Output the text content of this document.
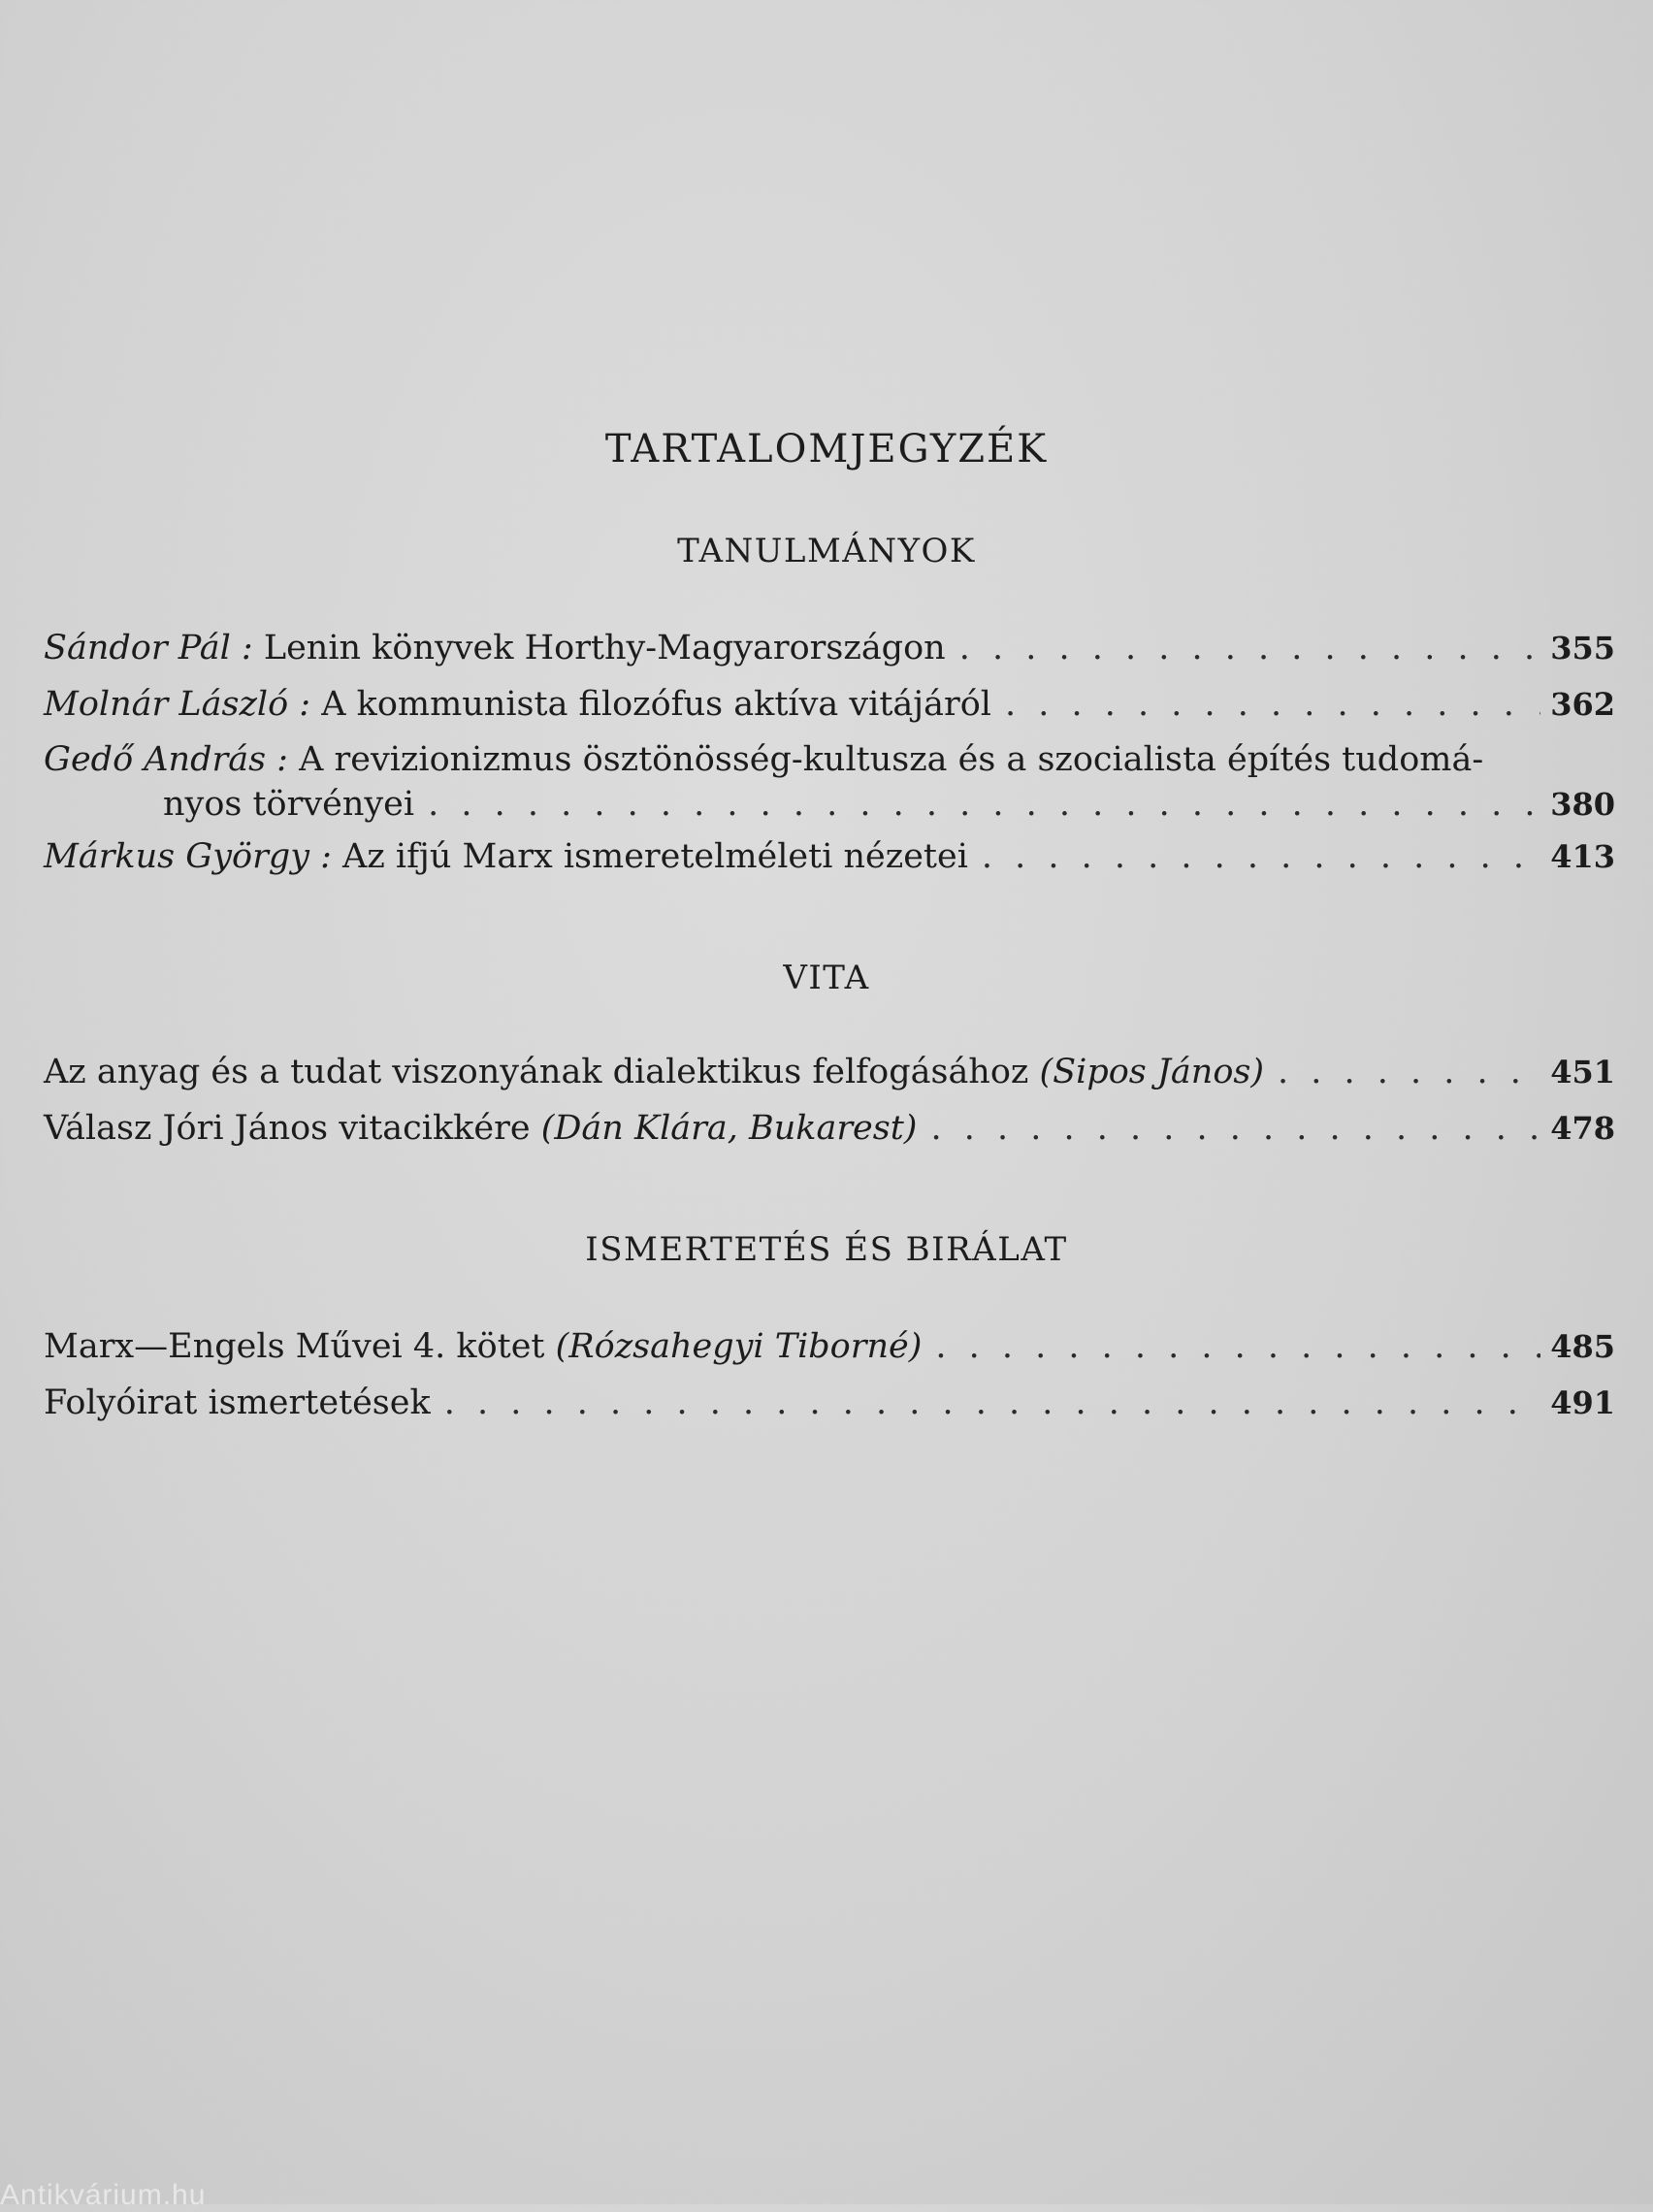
TARTALOMJEGYZÉK
TANULMÁNYOK
Sándor Pál :
Lenin könyvek Horthy-Magyarországon . . .	355
Molnár László :
A kommunista filozófus aktíva vitájáról . . .	362
Gedő András :
A revizionizmus ösztönösség-kultusza és a szocialista építés tudomá-
nyos törvényei . . .	380
Márkus György :
Az ifjú Marx ismeretelméleti nézetei . . .	413
VITA
Az anyag és a tudat viszonyának dialektikus felfogásához
(Sipos János) . . .	451
Válasz Jóri János vitacikkére
(Dán Klára, Bukarest) . . .	478
ISMERTETÉS ÉS BIRÁLAT
Marx—Engels Művei 4. kötet
(Rózsahegyi Tiborné) . . .	485
Folyóirat ismertetések . . .	491
Antikvárium.hu
